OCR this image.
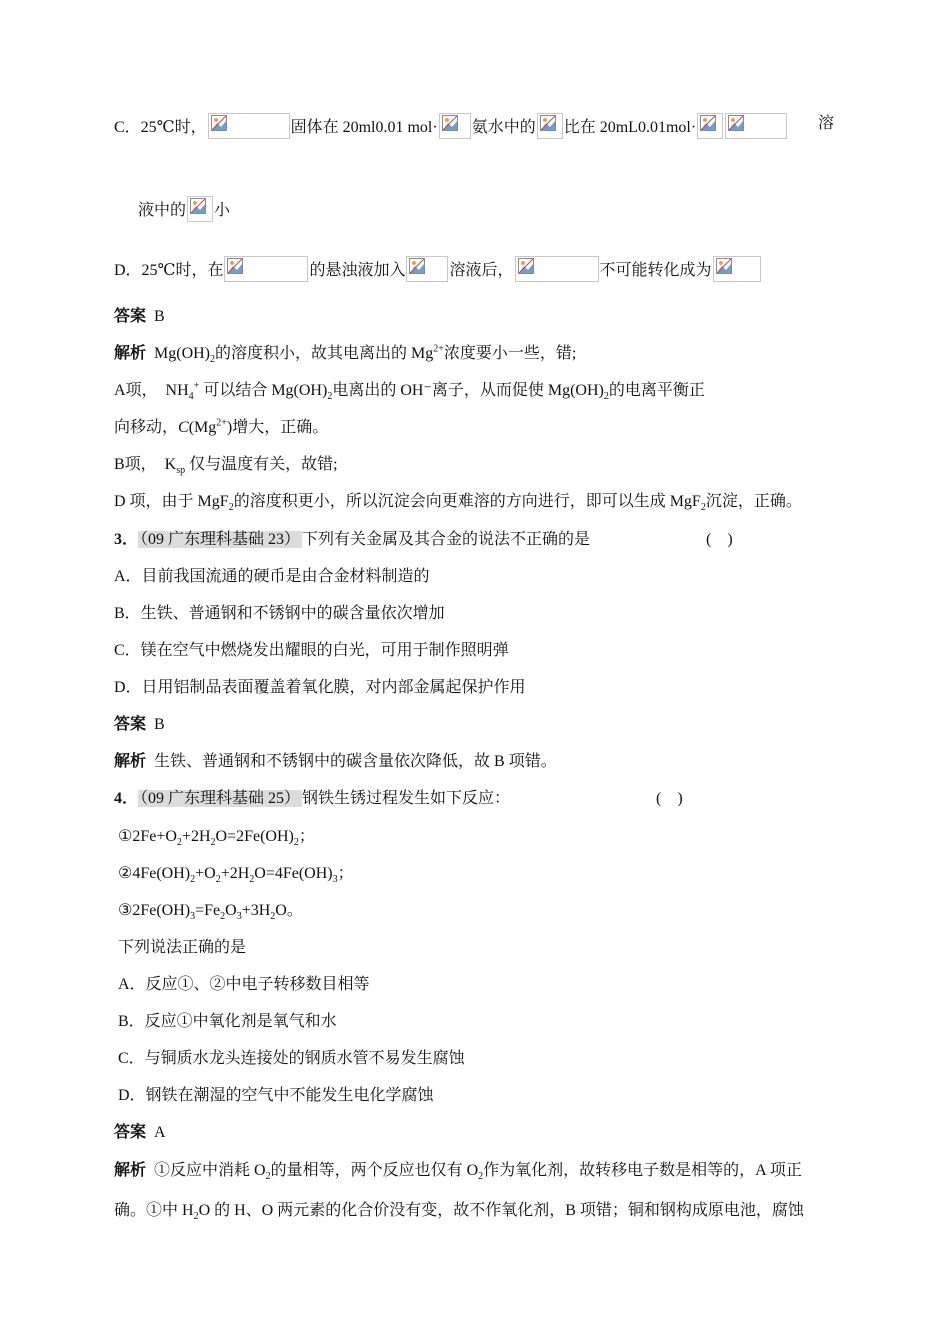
C．25℃时，	固体在 20ml0.01 mol· 氨水中的 比在 20mL0.01mol·	溶
液中的 小
D．25℃时，在	的悬浊液加入	溶液后，	不可能转化成为
答案 B
解析 $Mg(OH)_2$的溶度积小，故其电离出的 $Mg^{2+}$浓度要小一些，错;
A项，  $NH_4^+$ 可以结合 $Mg(OH)_2$电离出的 OH⁻离子，从而促使 $Mg(OH)_2$的电离平衡正
向移动，$C(Mg^{2+})$增大，正确。
B项，  $K_{sp}$ 仅与温度有关，故错;
D 项，由于 MgF$_2$的溶度积更小，所以沉淀会向更难溶的方向进行，即可以生成 MgF$_2$沉淀，正确。
3． （09 广东理科基础 23） 下列有关金属及其合金的说法不正确的是	(    )
A．目前我国流通的硬币是由合金材料制造的
B．生铁、普通钢和不锈钢中的碳含量依次增加
C．镁在空气中燃烧发出耀眼的白光，可用于制作照明弹
D．日用铝制品表面覆盖着氧化膜，对内部金属起保护作用
答案 B
解析 生铁、普通钢和不锈钢中的碳含量依次降低，故 B 项错。
4． （09 广东理科基础 25） 钢铁生锈过程发生如下反应：	(    )
$①2Fe+O_2+2H_2O=2Fe(OH)_2$；
$②4Fe(OH)_2+O_2+2H_2O=4Fe(OH)_3$；
$③2Fe(OH)_3=Fe_2O_3+3H_2O$。
下列说法正确的是
A．反应①、②中电子转移数目相等
B．反应①中氧化剂是氧气和水
C．与铜质水龙头连接处的钢质水管不易发生腐蚀
D．钢铁在潮湿的空气中不能发生电化学腐蚀
答案 A
解析 ①反应中消耗 $O_2$的量相等，两个反应也仅有 $O_2$作为氧化剂，故转移电子数是相等的，A 项正
确。①中 $H_2O$ 的 H、O 两元素的化合价没有变，故不作氧化剂，B 项错；铜和钢构成原电池，腐蚀
